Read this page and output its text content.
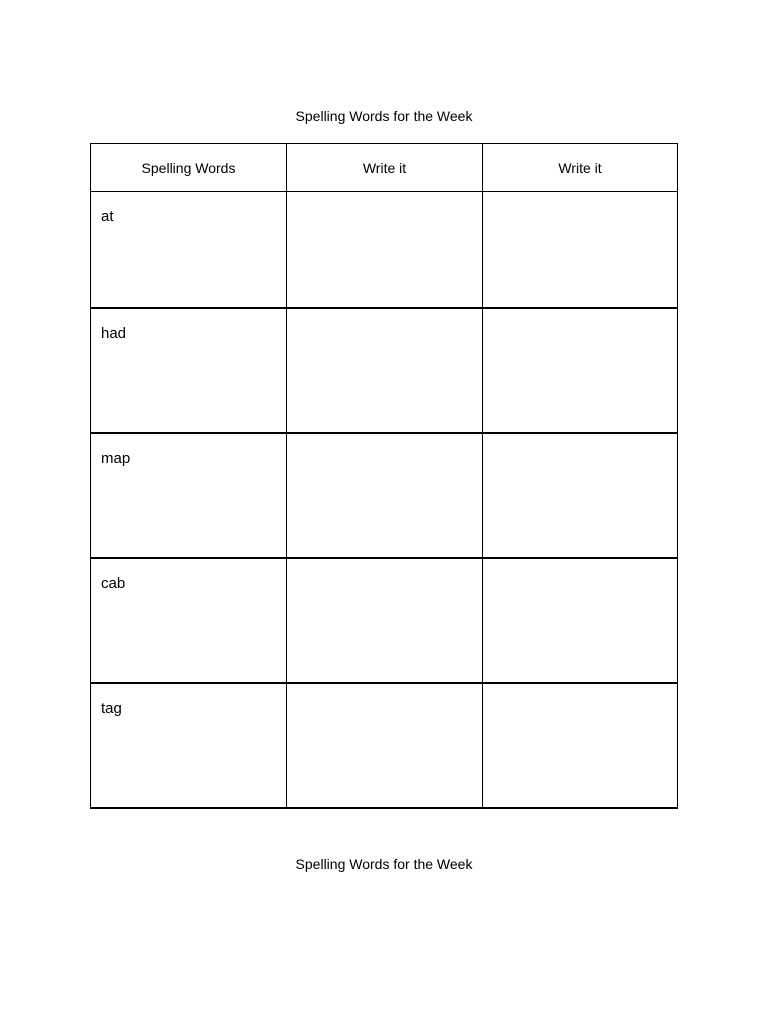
Spelling Words for the Week
Spelling Words	Write it	Write it

at		

had		

map		

cab		

tag		

Spelling Words for the Week
